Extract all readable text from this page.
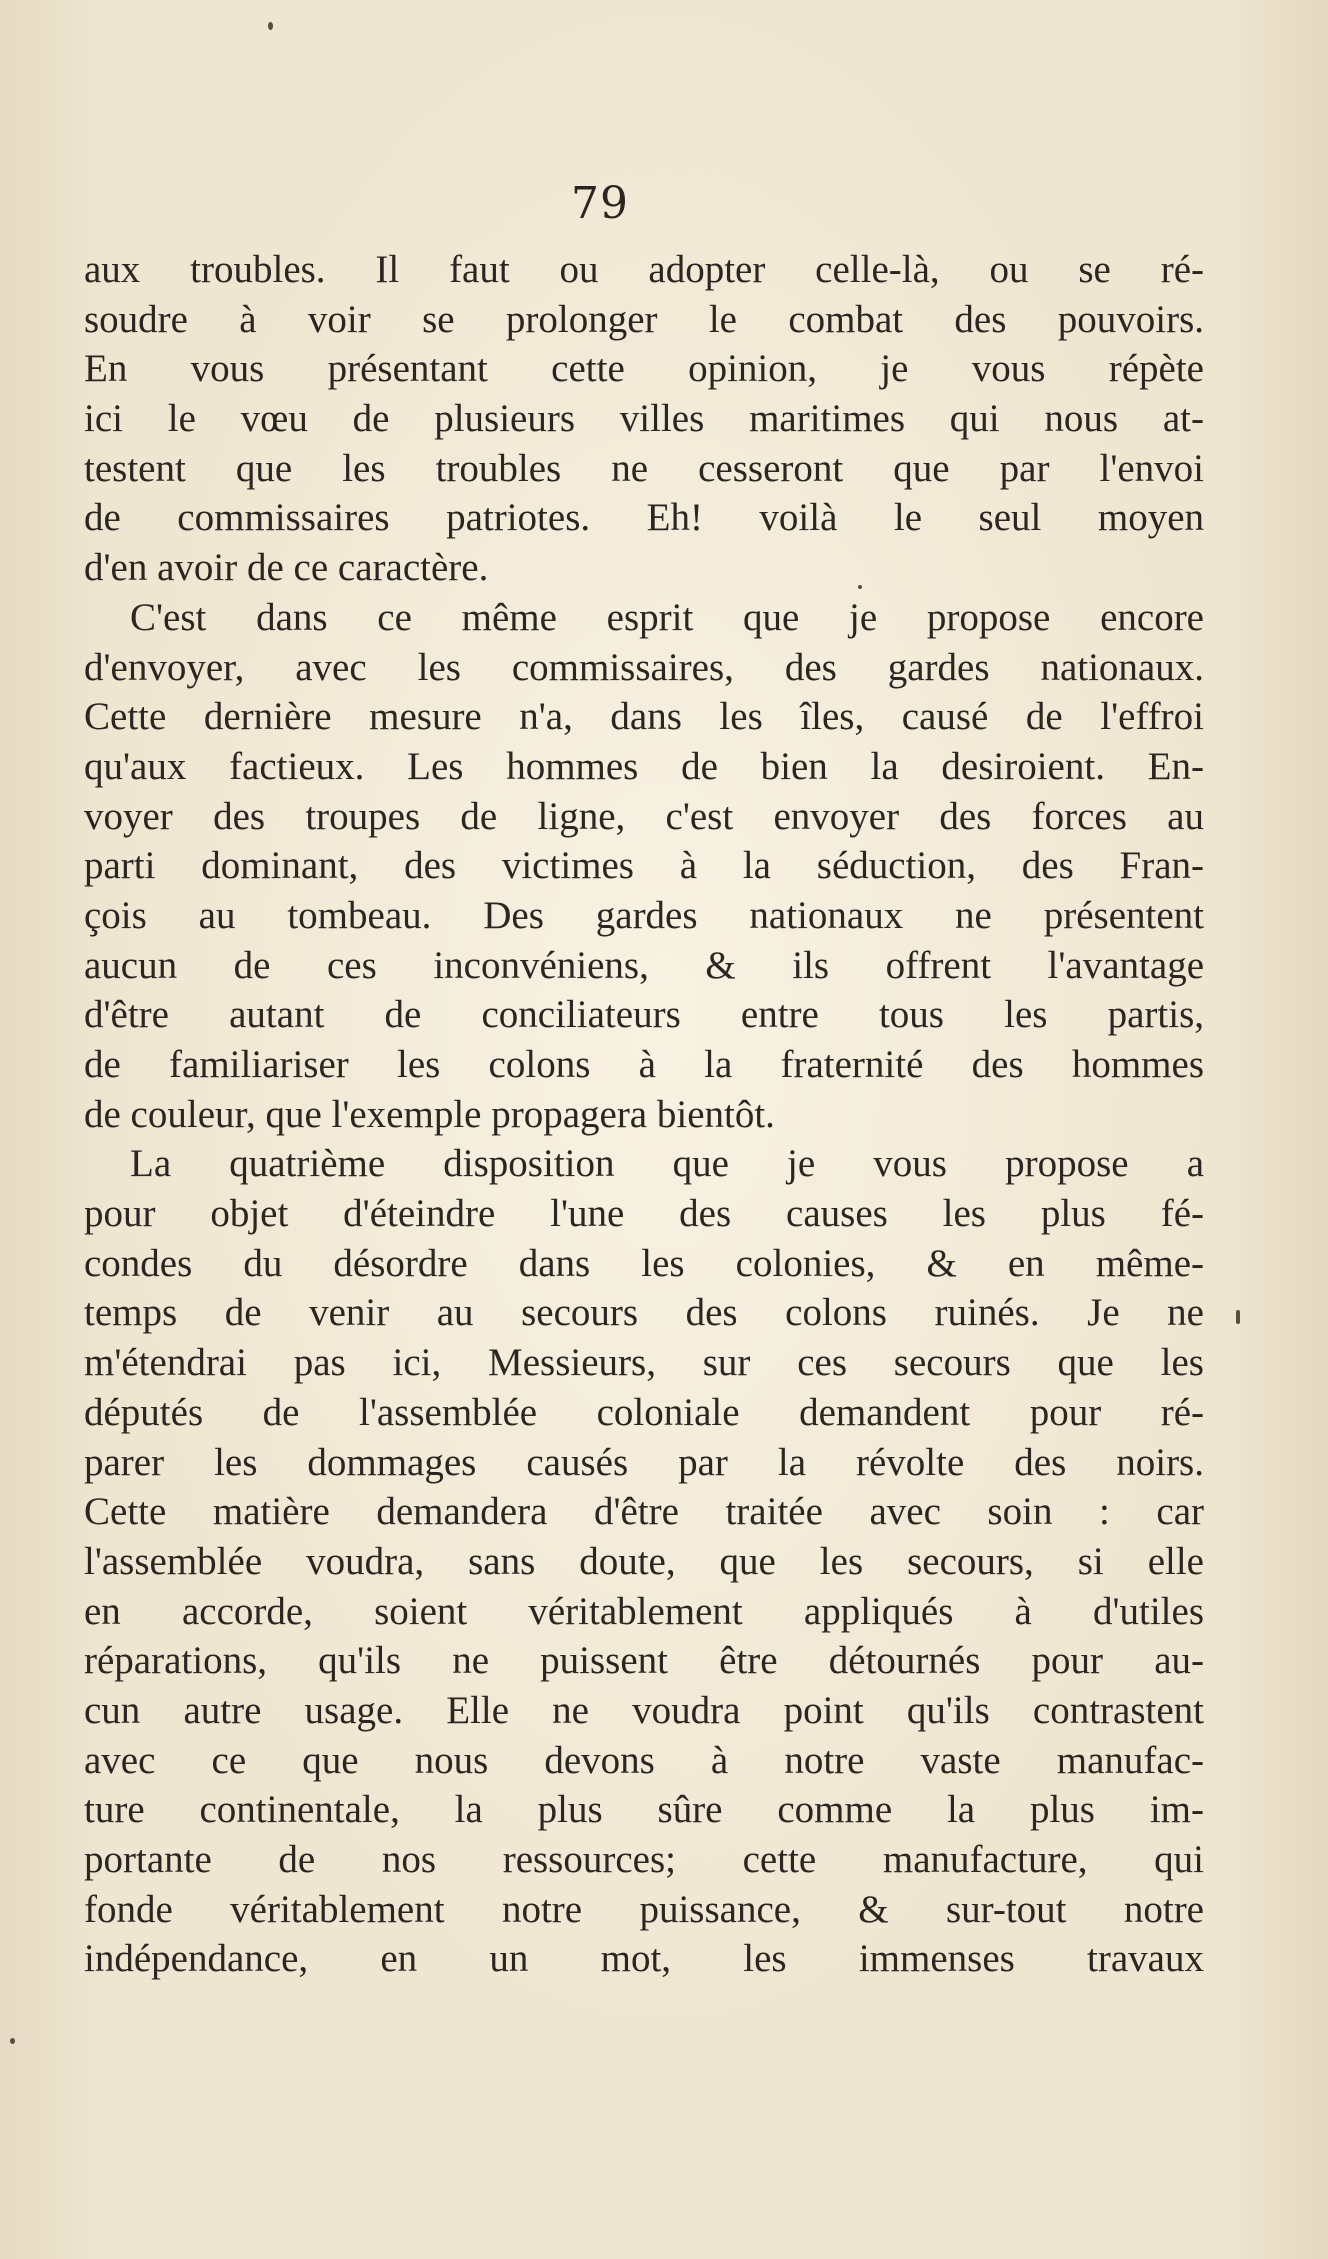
79
aux troubles. Il faut ou adopter celle-là, ou se ré-
soudre à voir se prolonger le combat des pouvoirs.
En vous présentant cette opinion, je vous répète
ici le vœu de plusieurs villes maritimes qui nous at-
testent que les troubles ne cesseront que par l'envoi
de commissaires patriotes. Eh! voilà le seul moyen
d'en avoir de ce caractère.
C'est dans ce même esprit que je propose encore
d'envoyer, avec les commissaires, des gardes nationaux.
Cette dernière mesure n'a, dans les îles, causé de l'effroi
qu'aux factieux. Les hommes de bien la desiroient. En-
voyer des troupes de ligne, c'est envoyer des forces au
parti dominant, des victimes à la séduction, des Fran-
çois au tombeau. Des gardes nationaux ne présentent
aucun de ces inconvéniens, & ils offrent l'avantage
d'être autant de conciliateurs entre tous les partis,
de familiariser les colons à la fraternité des hommes
de couleur, que l'exemple propagera bientôt.
La quatrième disposition que je vous propose a
pour objet d'éteindre l'une des causes les plus fé-
condes du désordre dans les colonies, & en même-
temps de venir au secours des colons ruinés. Je ne
m'étendrai pas ici, Messieurs, sur ces secours que les
députés de l'assemblée coloniale demandent pour ré-
parer les dommages causés par la révolte des noirs.
Cette matière demandera d'être traitée avec soin : car
l'assemblée voudra, sans doute, que les secours, si elle
en accorde, soient véritablement appliqués à d'utiles
réparations, qu'ils ne puissent être détournés pour au-
cun autre usage. Elle ne voudra point qu'ils contrastent
avec ce que nous devons à notre vaste manufac-
ture continentale, la plus sûre comme la plus im-
portante de nos ressources; cette manufacture, qui
fonde véritablement notre puissance, & sur-tout notre
indépendance, en un mot, les immenses travaux
